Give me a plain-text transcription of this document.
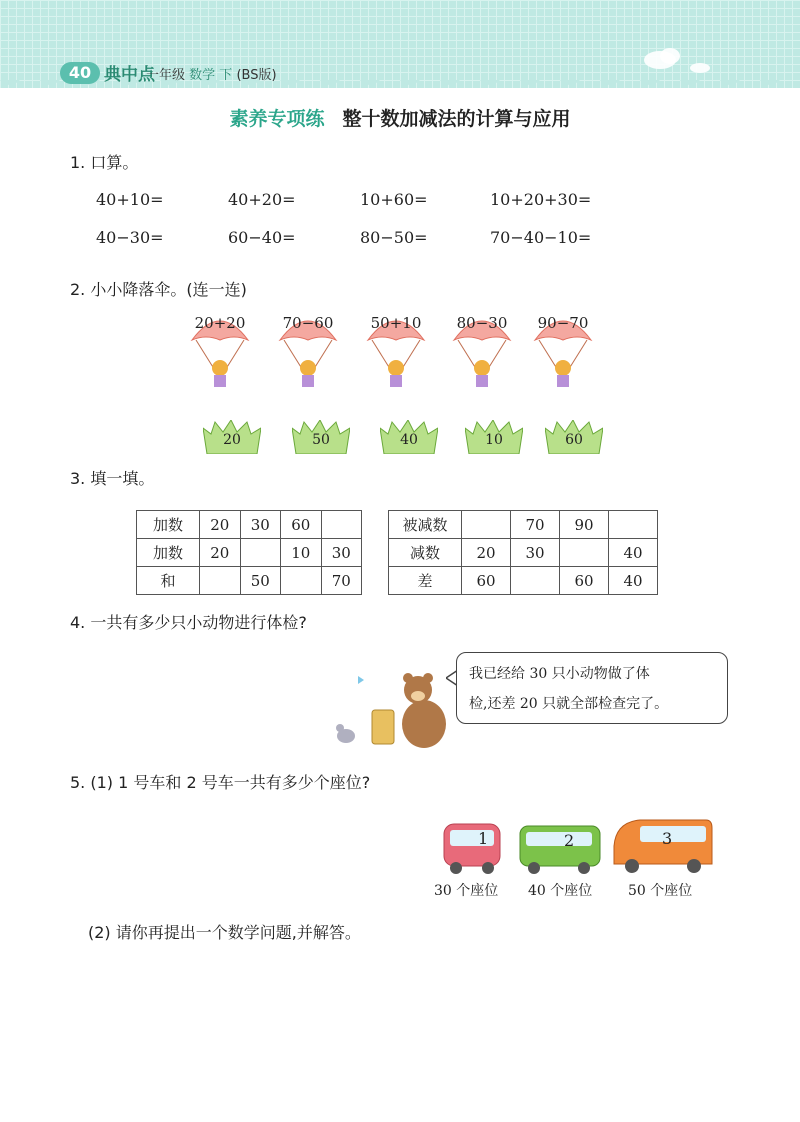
40 典中点
一年级 数学 下 (BS版)
素养专项练 整十数加减法的计算与应用
1. 口算。
40+10=	40+20=	10+60=	10+20+30=
40−30=	60−40=	80−50=	70−40−10=
2. 小小降落伞。(连一连)
20+20	70−60	50+10	80−30	90−70
20	50	40	10	60
3. 填一填。
加数	20	30	60	
加数	20		10	30
和		50		70
被减数		70	90	
减数	20	30		40
差	60		60	40
4. 一共有多少只小动物进行体检?
我已经给 30 只小动物做了体
检,还差 20 只就全部检查完了。
5. (1) 1 号车和 2 号车一共有多少个座位?
1	2	3
30 个座位 40 个座位	50 个座位
(2) 请你再提出一个数学问题,并解答。
